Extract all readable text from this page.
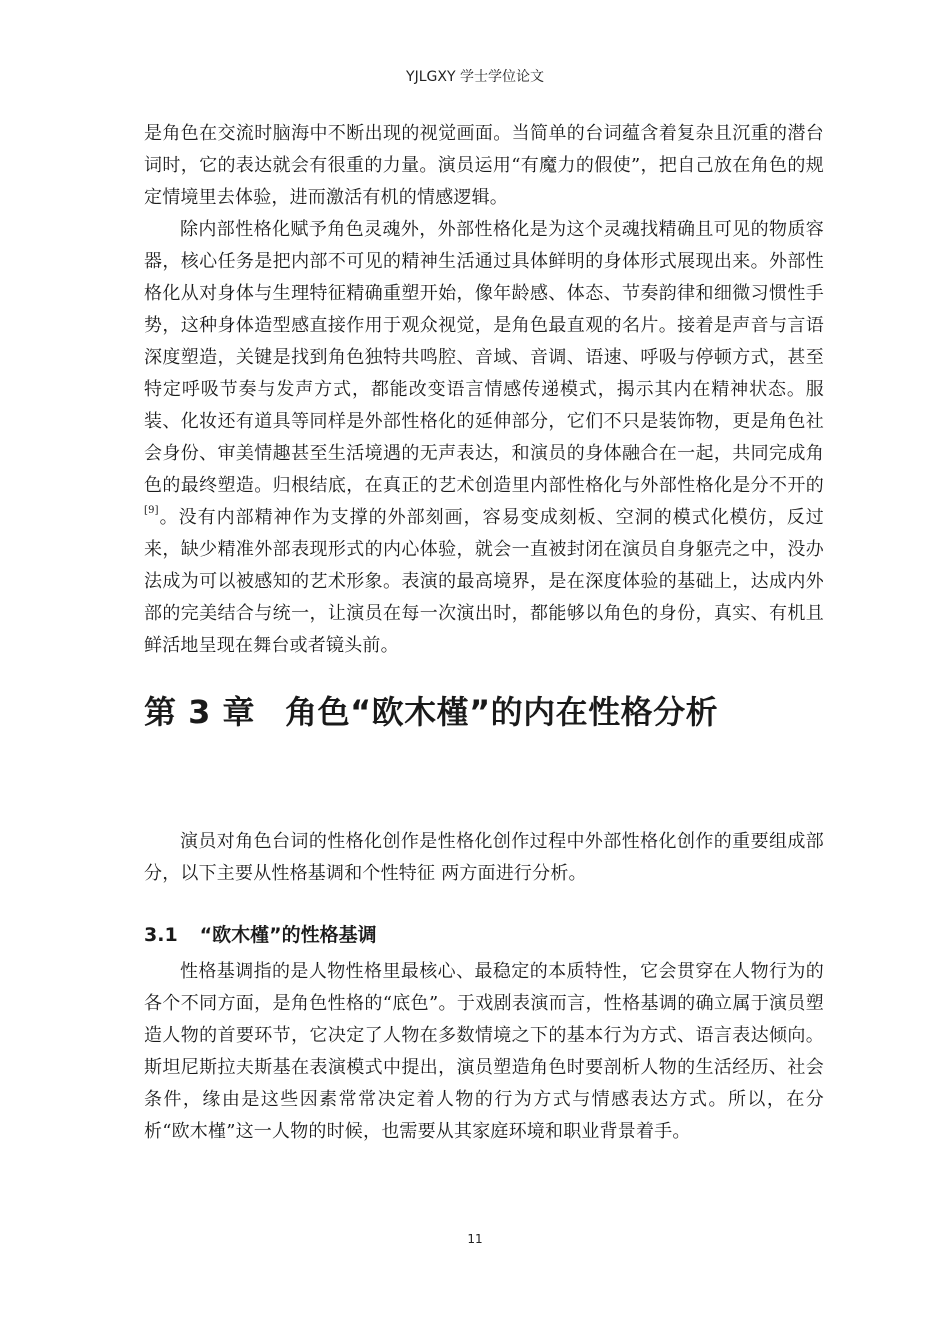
YJLGXY 学士学位论文

是角色在交流时脑海中不断出现的视觉画面。当简单的台词蕴含着复杂且沉重的潜台词时，它的表达就会有很重的力量。演员运用“有魔力的假使”，把自己放在角色的规定情境里去体验，进而激活有机的情感逻辑。

除内部性格化赋予角色灵魂外，外部性格化是为这个灵魂找精确且可见的物质容器，核心任务是把内部不可见的精神生活通过具体鲜明的身体形式展现出来。外部性格化从对身体与生理特征精确重塑开始，像年龄感、体态、节奏韵律和细微习惯性手势，这种身体造型感直接作用于观众视觉，是角色最直观的名片。接着是声音与言语深度塑造，关键是找到角色独特共鸣腔、音域、音调、语速、呼吸与停顿方式，甚至特定呼吸节奏与发声方式，都能改变语言情感传递模式，揭示其内在精神状态。服装、化妆还有道具等同样是外部性格化的延伸部分，它们不只是装饰物，更是角色社会身份、审美情趣甚至生活境遇的无声表达，和演员的身体融合在一起，共同完成角色的最终塑造。归根结底，在真正的艺术创造里内部性格化与外部性格化是分不开的[9]。没有内部精神作为支撑的外部刻画，容易变成刻板、空洞的模式化模仿，反过来，缺少精准外部表现形式的内心体验，就会一直被封闭在演员自身躯壳之中，没办法成为可以被感知的艺术形象。表演的最高境界，是在深度体验的基础上，达成内外部的完美结合与统一，让演员在每一次演出时，都能够以角色的身份，真实、有机且鲜活地呈现在舞台或者镜头前。

第 3 章 角色“欧木槿”的内在性格分析

演员对角色台词的性格化创作是性格化创作过程中外部性格化创作的重要组成部分，以下主要从性格基调和个性特征 两方面进行分析。

3.1 “欧木槿”的性格基调

性格基调指的是人物性格里最核心、最稳定的本质特性，它会贯穿在人物行为的各个不同方面，是角色性格的“底色”。于戏剧表演而言，性格基调的确立属于演员塑造人物的首要环节，它决定了人物在多数情境之下的基本行为方式、语言表达倾向。斯坦尼斯拉夫斯基在表演模式中提出，演员塑造角色时要剖析人物的生活经历、社会条件，缘由是这些因素常常决定着人物的行为方式与情感表达方式。所以，在分析“欧木槿”这一人物的时候，也需要从其家庭环境和职业背景着手。

11
